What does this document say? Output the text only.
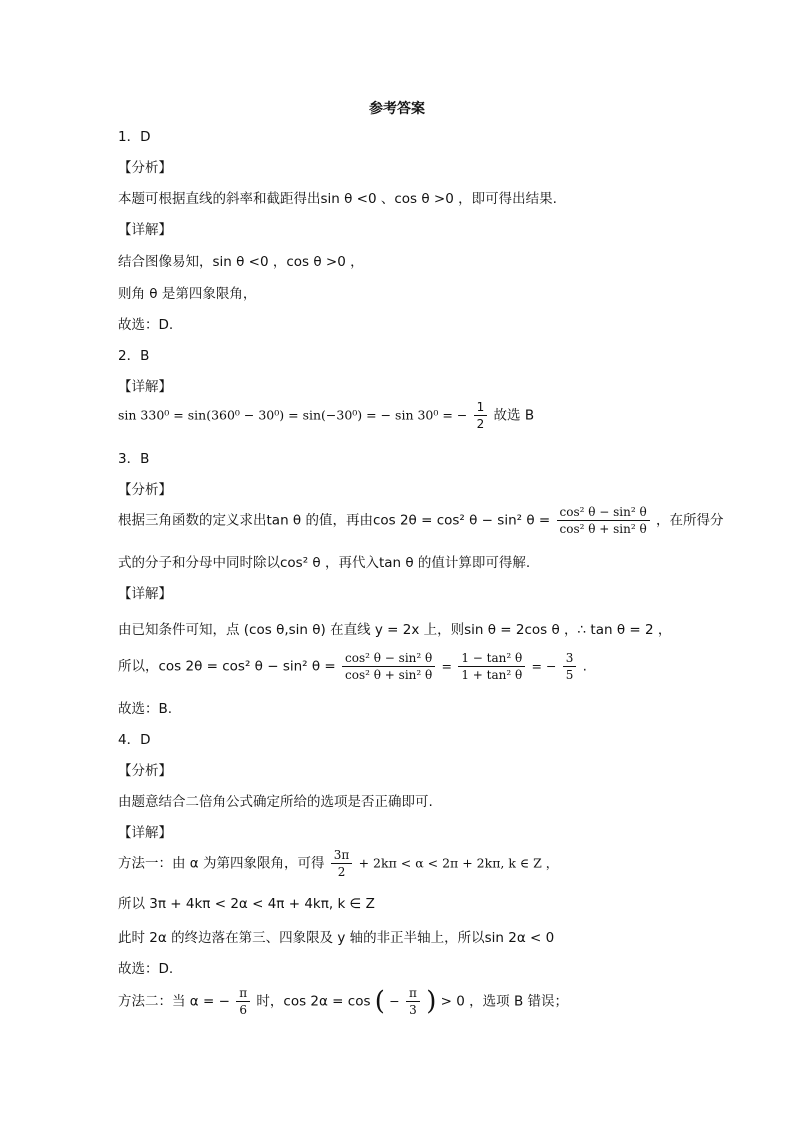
参考答案
1．D
【分析】
本题可根据直线的斜率和截距得出sin θ <0 、cos θ >0 ，即可得出结果.
【详解】
结合图像易知，sin θ <0 ，cos θ >0 ，
则角 θ 是第四象限角，
故选：D.
2．B
【详解】
sin 330⁰ = sin(360⁰ − 30⁰) = sin(−30⁰) = − sin 30⁰ = − $\frac{1}{2}$ 故选 B
3．B
【分析】
根据三角函数的定义求出tan θ 的值，再由cos 2θ = cos² θ − sin² $\theta = \frac{\text{cos² θ − sin² θ}}{\text{cos² θ + sin² θ}}$ ，在所得分
式的分子和分母中同时除以cos² θ ，再代入tan θ 的值计算即可得解.
【详解】
由已知条件可知，点 (cos θ,sin θ) 在直线 y = 2x 上，则sin θ = 2cos θ ，∴ tan θ = 2 ，
所以，cos 2θ = cos² θ − sin² $\theta = \frac{\text{cos² θ − sin² θ}}{\text{cos² θ + sin² θ}} = \frac{\text{1 − tan² θ}}{\text{1 + tan² θ}}$ = − $\frac{3}{5}$ .
故选：B.
4．D
【分析】
由题意结合二倍角公式确定所给的选项是否正确即可.
【详解】
方法一：由 α 为第四象限角，可得 $\frac{3\pi}{2} + 2k\pi < \alpha < 2\pi + 2k\pi$, k ∈ Z ，
所以 3π + 4kπ < 2α < 4π + 4kπ, k ∈ Z
此时 2α 的终边落在第三、四象限及 y 轴的非正半轴上，所以sin 2α < 0
故选：D.
方法二：当 α = − $\frac{\pi}{6}$ 时，cos 2α = cos ( − $\frac{\pi}{3}$ ) > 0 ，选项 B 错误；
